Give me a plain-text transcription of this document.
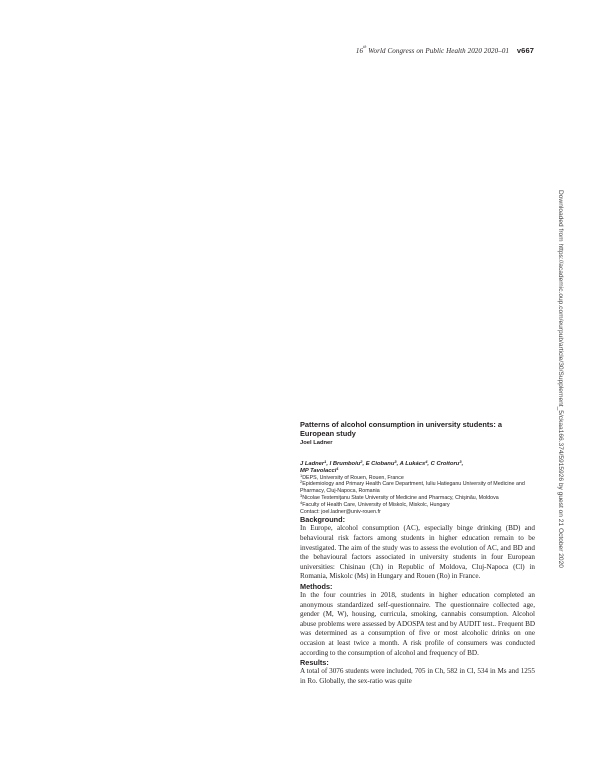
16th World Congress on Public Health 2020 2020–01 v667
Downloaded from https://academic.oup.com/eurpub/article/30/Supplement_5/ckaa166.374/5915926 by guest on 21 October 2020
Patterns of alcohol consumption in university students: a European study
Joel Ladner
J Ladner$^1$, I Brumboiu$^2$, E Ciobanu$^3$, A Lukács$^4$, C Croitoru$^3$,
MP Tavolacci$^1$
$^1$DEPS, University of Rouen, Rouen, France
$^2$Epidemiology and Primary Health Care Department, Iuliu Hatieganu University of Medicine and Pharmacy, Cluj-Napoca, Romania
$^3$Nicolae Testemiţanu State University of Medicine and Pharmacy, Chişinău, Moldova
$^4$Faculty of Health Care, University of Miskolc, Miskolc, Hungary
Contact: joel.ladner@univ-rouen.fr
Background:

In Europe, alcohol consumption (AC), especially binge drinking (BD) and behavioural risk factors among students in higher education remain to be investigated. The aim of the study was to assess the evolution of AC, and BD and the behavioural factors associated in university students in four European universities: Chisinau (Ch) in Republic of Moldova, Cluj-Napoca (Cl) in Romania, Miskolc (Ms) in Hungary and Rouen (Ro) in France.

Methods:

In the four countries in 2018, students in higher education completed an anonymous standardized self-questionnaire. The questionnaire collected age, gender (M, W), housing, curricula, smoking, cannabis consumption. Alcohol abuse problems were assessed by ADOSPA test and by AUDIT test.. Frequent BD was determined as a consumption of five or most alcoholic drinks on one occasion at least twice a month. A risk profile of consumers was conducted according to the consumption of alcohol and frequency of BD.

Results:

A total of 3076 students were included, 705 in Ch, 582 in Cl, 534 in Ms and 1255 in Ro. Globally, the sex-ratio was quite
